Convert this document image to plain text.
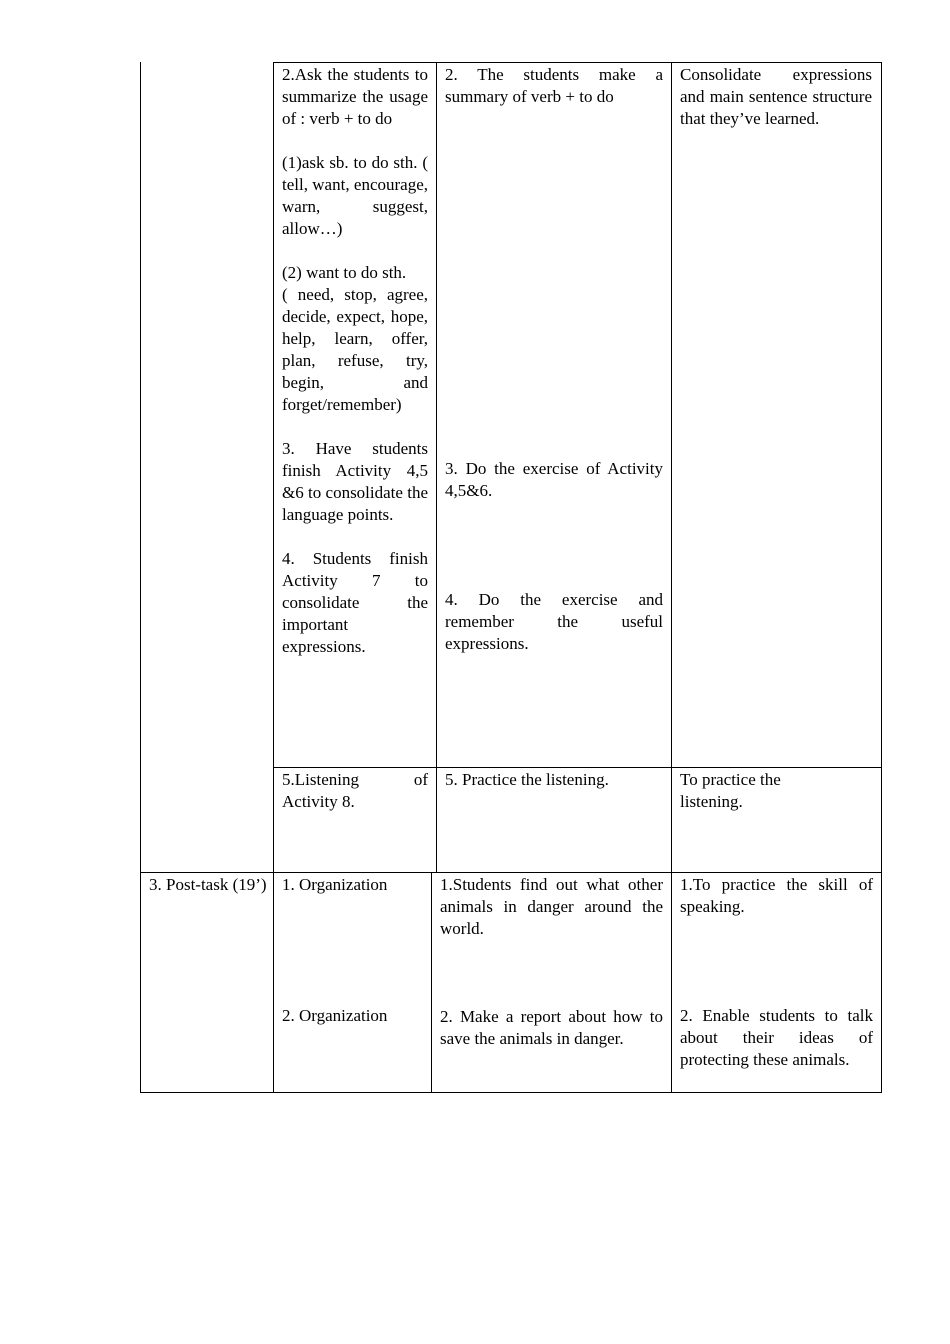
2.Ask the students to summarize the usage of : verb + to do

(1)ask sb. to do sth. ( tell, want, encourage, warn, suggest, allow…)

(2) want to do sth.

( need, stop, agree, decide, expect, hope, help, learn, offer, plan, refuse, try, begin, and forget/remember)

3. Have students finish Activity 4,5 &6 to consolidate the language points.

4. Students finish Activity 7 to consolidate the important expressions.

2. The students make a summary of verb + to do

3. Do the exercise of Activity 4,5&6.

4. Do the exercise and remember the useful expressions.

Consolidate expressions and main sentence structure that they’ve learned.

5.Listening of Activity 8.

5. Practice the listening.	To practice the listening.

3. Post-task (19’) 1. Organization

2. Organization

1.Students find out what other animals in danger around the world.

2. Make a report about how to save the animals in danger.

1.To practice the skill of speaking.

2. Enable students to talk about their ideas of protecting these animals.
